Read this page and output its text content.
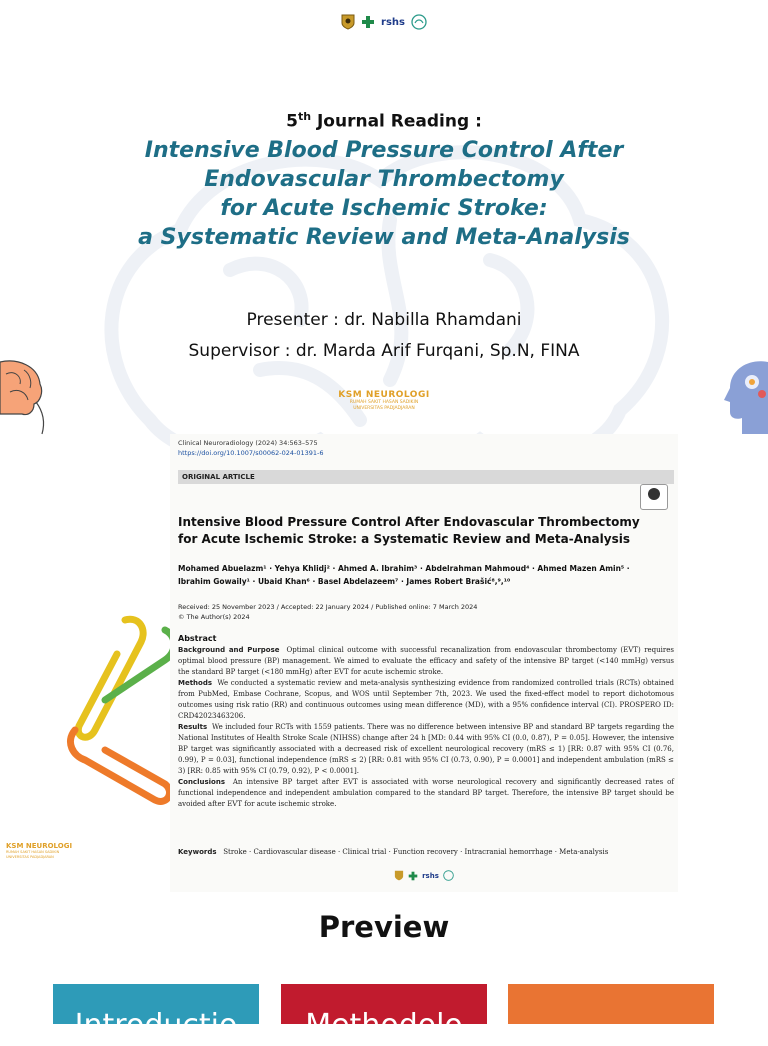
rshs
5th Journal Reading :
Intensive Blood Pressure Control After
Endovascular Thrombectomy
for Acute Ischemic Stroke:
a Systematic Review and Meta-Analysis
Presenter : dr. Nabilla Rhamdani
Supervisor : dr. Marda Arif Furqani, Sp.N, FINA
KSM NEUROLOGI
RUMAH SAKIT HASAN SADIKIN
UNIVERSITAS PADJADJARAN
Clinical Neuroradiology (2024) 34:563–575
https://doi.org/10.1007/s00062-024-01391-6
ORIGINAL ARTICLE
Intensive Blood Pressure Control After Endovascular Thrombectomy
for Acute Ischemic Stroke: a Systematic Review and Meta-Analysis
Mohamed Abuelazm¹ · Yehya Khlidj² · Ahmed A. Ibrahim³ · Abdelrahman Mahmoud⁴ · Ahmed Mazen Amin⁵ ·
Ibrahim Gowaily¹ · Ubaid Khan⁶ · Basel Abdelazeem⁷ · James Robert Brašić⁸,⁹,¹⁰
Received: 25 November 2023 / Accepted: 22 January 2024 / Published online: 7 March 2024
© The Author(s) 2024
Abstract
Background and Purpose Optimal clinical outcome with successful recanalization from endovascular thrombectomy (EVT) requires optimal blood pressure (BP) management. We aimed to evaluate the efficacy and safety of the intensive BP target (<140 mmHg) versus the standard BP target (<180 mmHg) after EVT for acute ischemic stroke.
Methods We conducted a systematic review and meta-analysis synthesizing evidence from randomized controlled trials (RCTs) obtained from PubMed, Embase Cochrane, Scopus, and WOS until September 7th, 2023. We used the fixed-effect model to report dichotomous outcomes using risk ratio (RR) and continuous outcomes using mean difference (MD), with a 95% confidence interval (CI). PROSPERO ID: CRD42023463206.
Results We included four RCTs with 1559 patients. There was no difference between intensive BP and standard BP targets regarding the National Institutes of Health Stroke Scale (NIHSS) change after 24 h [MD: 0.44 with 95% CI (0.0, 0.87), P = 0.05]. However, the intensive BP target was significantly associated with a decreased risk of excellent neurological recovery (mRS ≤ 1) [RR: 0.87 with 95% CI (0.76, 0.99), P = 0.03], functional independence (mRS ≤ 2) [RR: 0.81 with 95% CI (0.73, 0.90), P = 0.0001] and independent ambulation (mRS ≤ 3) [RR: 0.85 with 95% CI (0.79, 0.92), P < 0.0001].
Conclusions An intensive BP target after EVT is associated with worse neurological recovery and significantly decreased rates of functional independence and independent ambulation compared to the standard BP target. Therefore, the intensive BP target should be avoided after EVT for acute ischemic stroke.
Keywords Stroke · Cardiovascular disease · Clinical trial · Function recovery · Intracranial hemorrhage · Meta-analysis
rshs
KSM NEUROLOGI
RUMAH SAKIT HASAN SADIKIN
UNIVERSITAS PADJADJARAN
Preview
Introductio	Methodolo
